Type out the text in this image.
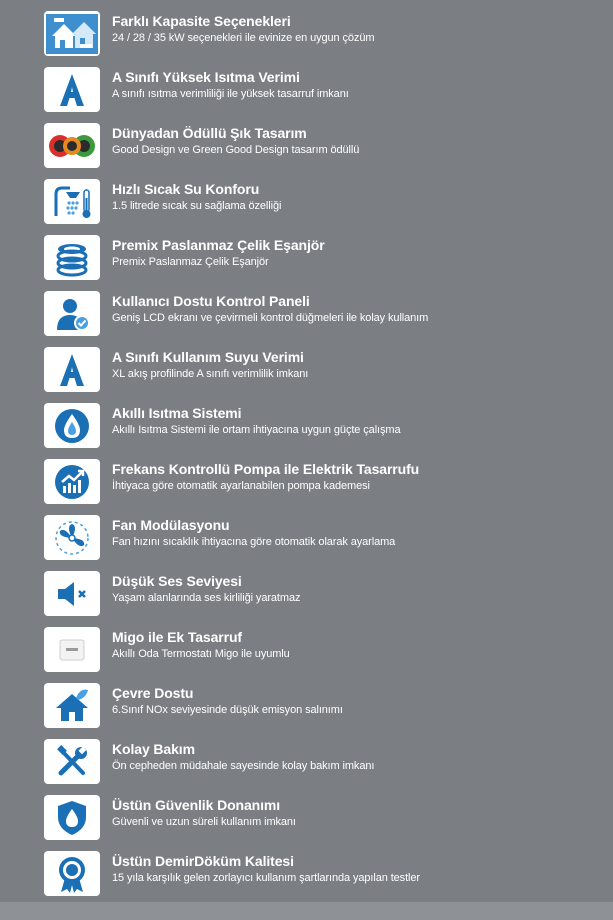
Farklı Kapasite Seçenekleri
24 / 28 / 35 kW seçenekleri ile evinize en uygun çözüm
A Sınıfı Yüksek Isıtma Verimi
A sınıfı ısıtma verimliliği ile yüksek tasarruf imkanı
Dünyadan Ödüllü Şık Tasarım
Good Design ve Green Good Design tasarım ödüllü
Hızlı Sıcak Su Konforu
1.5 litrede sıcak su sağlama özelliği
Premix Paslanmaz Çelik Eşanjör
Premix Paslanmaz Çelik Eşanjör
Kullanıcı Dostu Kontrol Paneli
Geniş LCD ekranı ve çevirmeli kontrol düğmeleri ile kolay kullanım
A Sınıfı Kullanım Suyu Verimi
XL akış profilinde A sınıfı verimlilik imkanı
Akıllı Isıtma Sistemi
Akıllı Isıtma Sistemi ile ortam ihtiyacına uygun güçte çalışma
Frekans Kontrollü Pompa ile Elektrik Tasarrufu
İhtiyaca göre otomatik ayarlanabilen pompa kademesi
Fan Modülasyonu
Fan hızını sıcaklık ihtiyacına göre otomatik olarak ayarlama
Düşük Ses Seviyesi
Yaşam alanlarında ses kirliliği yaratmaz
Migo ile Ek Tasarruf
Akıllı Oda Termostatı Migo ile uyumlu
Çevre Dostu
6.Sınıf NOx seviyesinde düşük emisyon salınımı
Kolay Bakım
Ön cepheden müdahale sayesinde kolay bakım imkanı
Üstün Güvenlik Donanımı
Güvenli ve uzun süreli kullanım imkanı
Üstün DemirDöküm Kalitesi
15 yıla karşılık gelen zorlayıcı kullanım şartlarında yapılan testler
